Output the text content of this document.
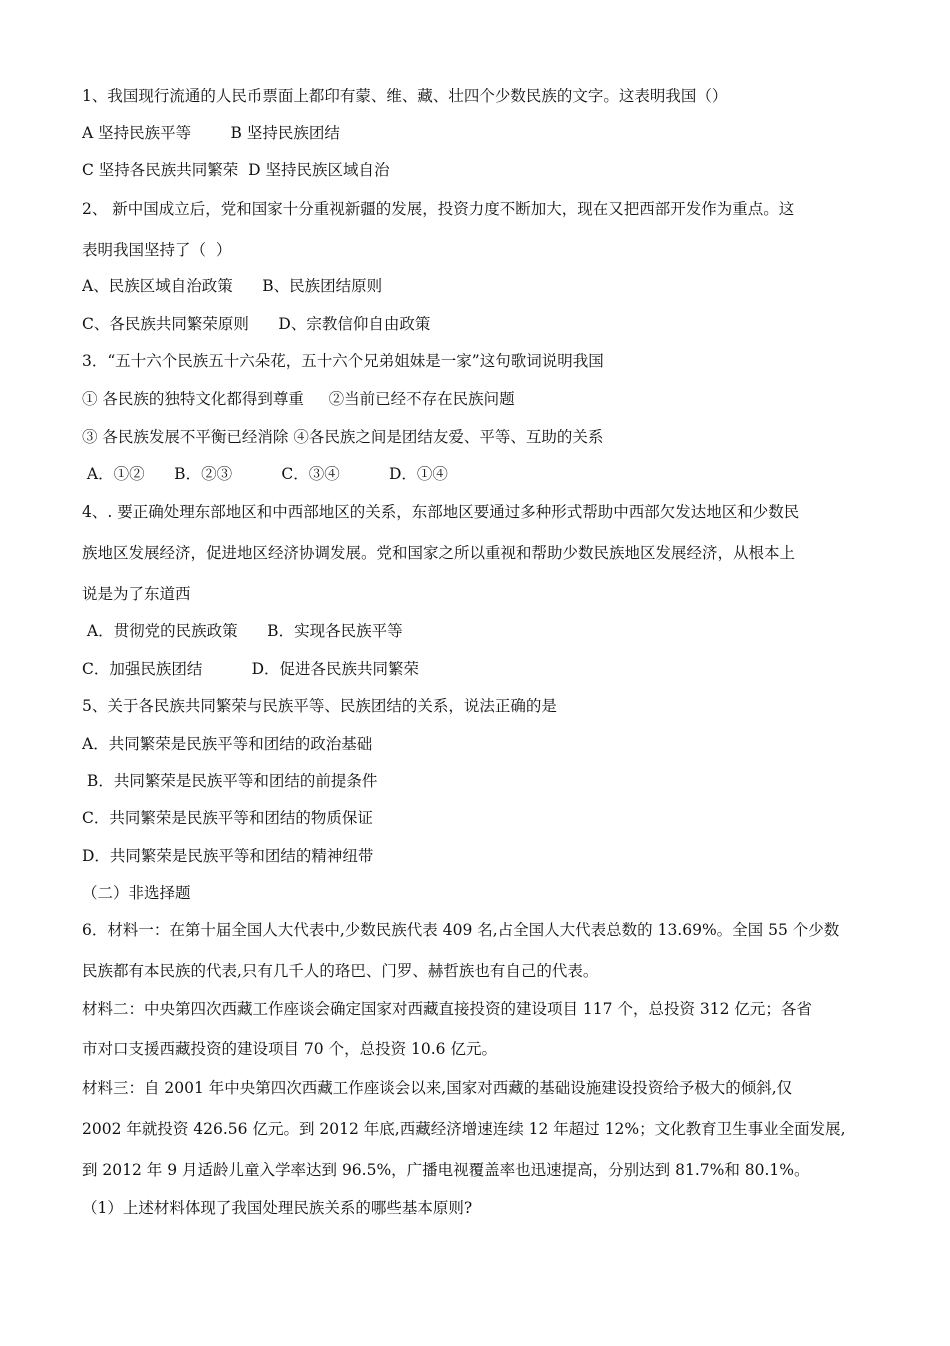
1、我国现行流通的人民币票面上都印有蒙、维、藏、壮四个少数民族的文字。这表明我国（）
A 坚持民族平等        B 坚持民族团结
C 坚持各民族共同繁荣  D 坚持民族区域自治
2、 新中国成立后，党和国家十分重视新疆的发展，投资力度不断加大，现在又把西部开发作为重点。这
表明我国坚持了（  ）
A、民族区域自治政策      B、民族团结原则
C、各民族共同繁荣原则      D、宗教信仰自由政策
3．“五十六个民族五十六朵花，五十六个兄弟姐妹是一家”这句歌词说明我国
① 各民族的独特文化都得到尊重     ②当前已经不存在民族问题
③ 各民族发展不平衡已经消除 ④各民族之间是团结友爱、平等、互助的关系
A．①②      B．②③          C．③④          D．①④
4、. 要正确处理东部地区和中西部地区的关系，东部地区要通过多种形式帮助中西部欠发达地区和少数民
族地区发展经济，促进地区经济协调发展。党和国家之所以重视和帮助少数民族地区发展经济，从根本上
说是为了东道西
A．贯彻党的民族政策      B．实现各民族平等
C．加强民族团结          D．促进各民族共同繁荣
5、关于各民族共同繁荣与民族平等、民族团结的关系，说法正确的是
A．共同繁荣是民族平等和团结的政治基础
B．共同繁荣是民族平等和团结的前提条件
C．共同繁荣是民族平等和团结的物质保证
D．共同繁荣是民族平等和团结的精神纽带
（二）非选择题
6．材料一：在第十届全国人大代表中,少数民族代表 409 名,占全国人大代表总数的 13.69%。全国 55 个少数
民族都有本民族的代表,只有几千人的珞巴、门罗、赫哲族也有自己的代表。
材料二：中央第四次西藏工作座谈会确定国家对西藏直接投资的建设项目 117 个，总投资 312 亿元；各省
市对口支援西藏投资的建设项目 70 个，总投资 10.6 亿元。
材料三：自 2001 年中央第四次西藏工作座谈会以来,国家对西藏的基础设施建设投资给予极大的倾斜,仅
2002 年就投资 426.56 亿元。到 2012 年底,西藏经济增速连续 12 年超过 12%；文化教育卫生事业全面发展,
到 2012 年 9 月适龄儿童入学率达到 96.5%，广播电视覆盖率也迅速提高，分别达到 81.7%和 80.1%。
（1）上述材料体现了我国处理民族关系的哪些基本原则?
